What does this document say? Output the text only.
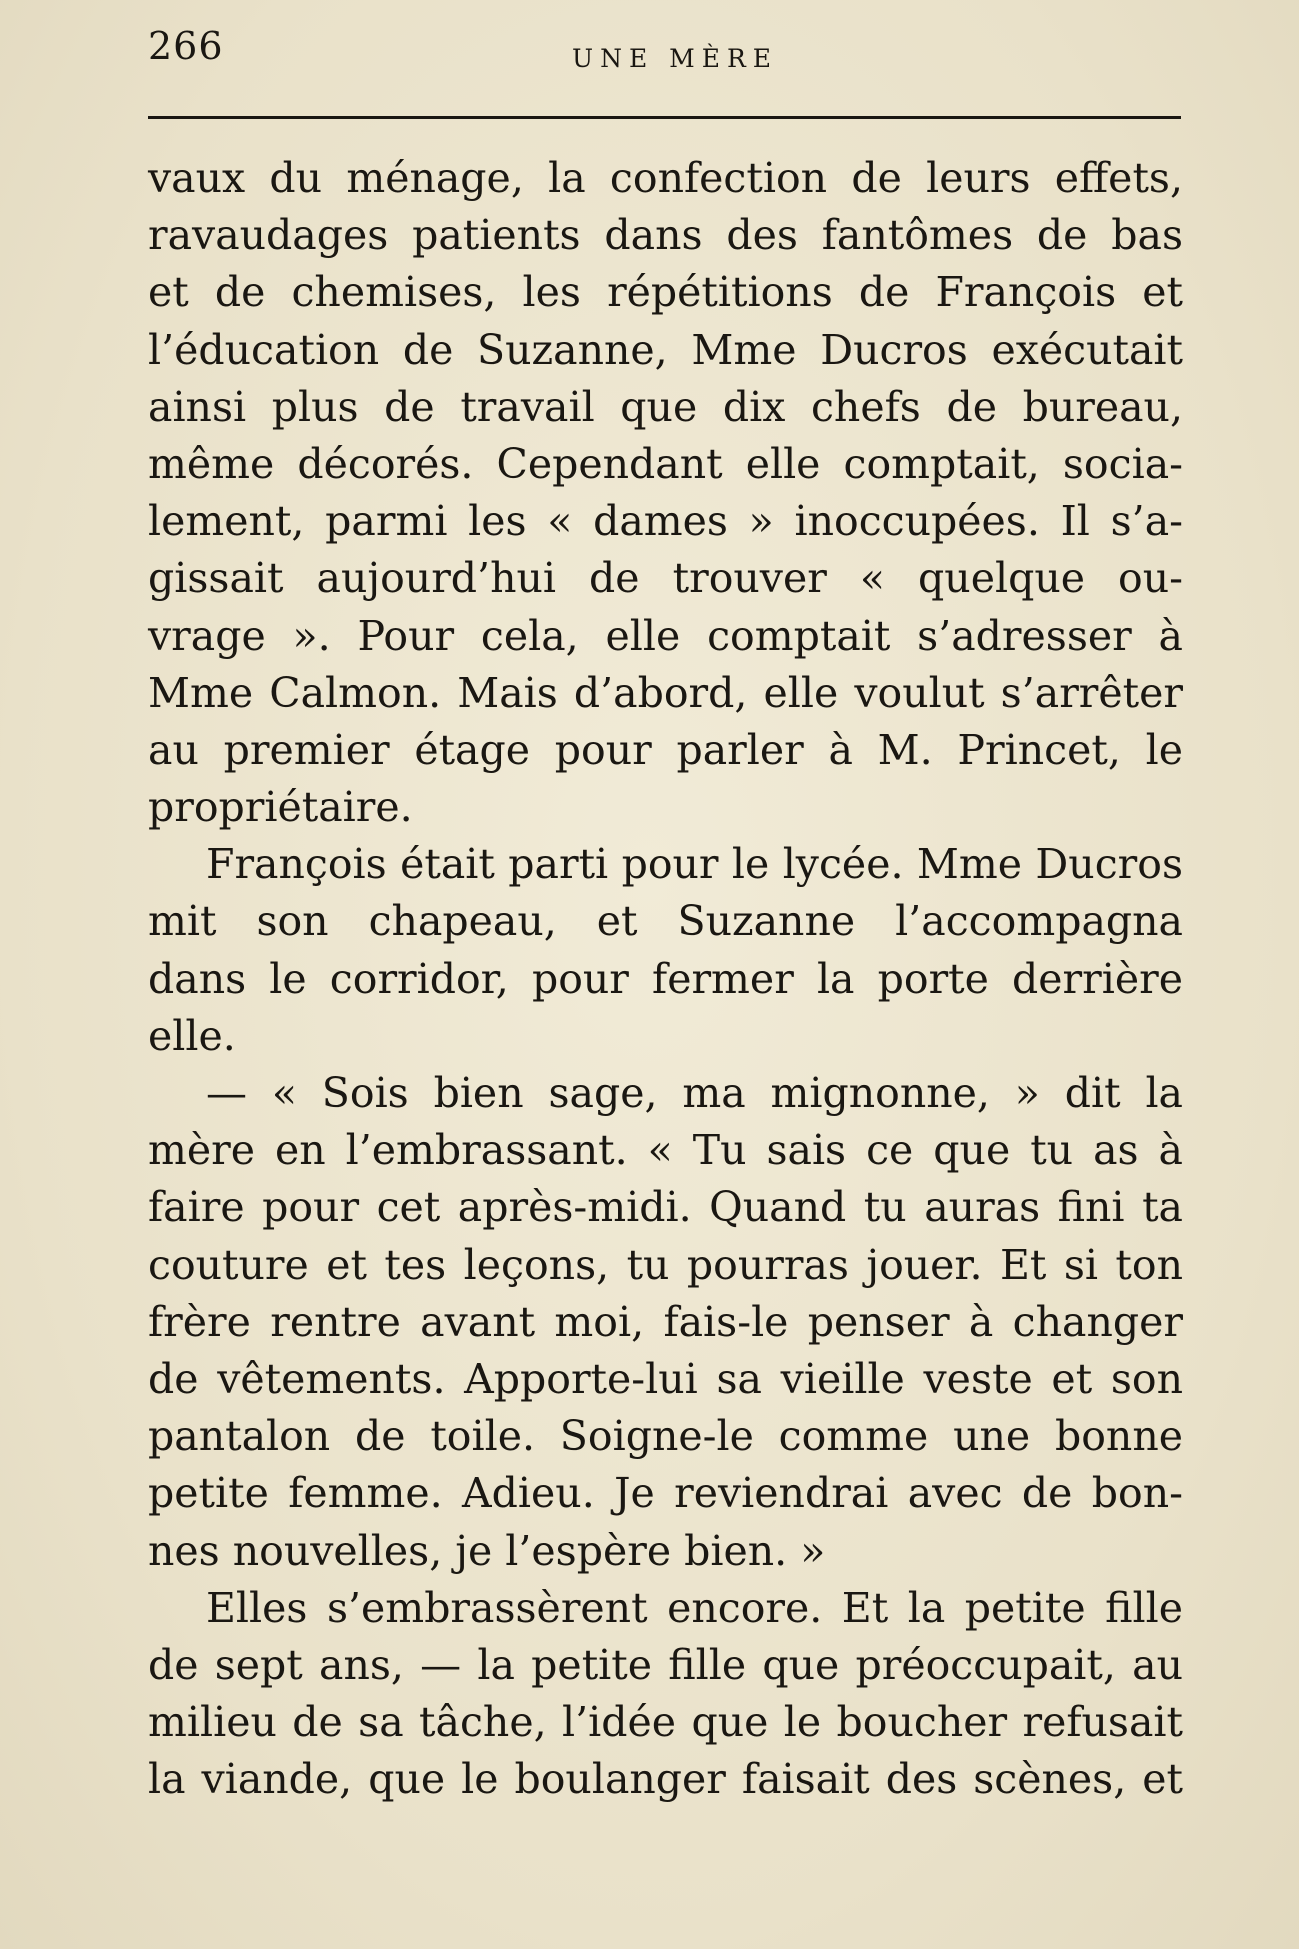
266	UNE MÈRE
vaux du ménage, la confection de leurs effets,
ravaudages patients dans des fantômes de bas
et de chemises, les répétitions de François et
l’éducation de Suzanne, Mme Ducros exécutait
ainsi plus de travail que dix chefs de bureau,
même décorés. Cependant elle comptait, socia-
lement, parmi les « dames » inoccupées. Il s’a-
gissait aujourd’hui de trouver « quelque ou-
vrage ». Pour cela, elle comptait s’adresser à
Mme Calmon. Mais d’abord, elle voulut s’arrêter
au premier étage pour parler à M. Princet, le
propriétaire.
François était parti pour le lycée. Mme Ducros
mit son chapeau, et Suzanne l’accompagna
dans le corridor, pour fermer la porte derrière
elle.
— « Sois bien sage, ma mignonne, » dit la
mère en l’embrassant. « Tu sais ce que tu as à
faire pour cet après-midi. Quand tu auras fini ta
couture et tes leçons, tu pourras jouer. Et si ton
frère rentre avant moi, fais-le penser à changer
de vêtements. Apporte-lui sa vieille veste et son
pantalon de toile. Soigne-le comme une bonne
petite femme. Adieu. Je reviendrai avec de bon-
nes nouvelles, je l’espère bien. »
Elles s’embrassèrent encore. Et la petite fille
de sept ans, — la petite fille que préoccupait, au
milieu de sa tâche, l’idée que le boucher refusait
la viande, que le boulanger faisait des scènes, et
